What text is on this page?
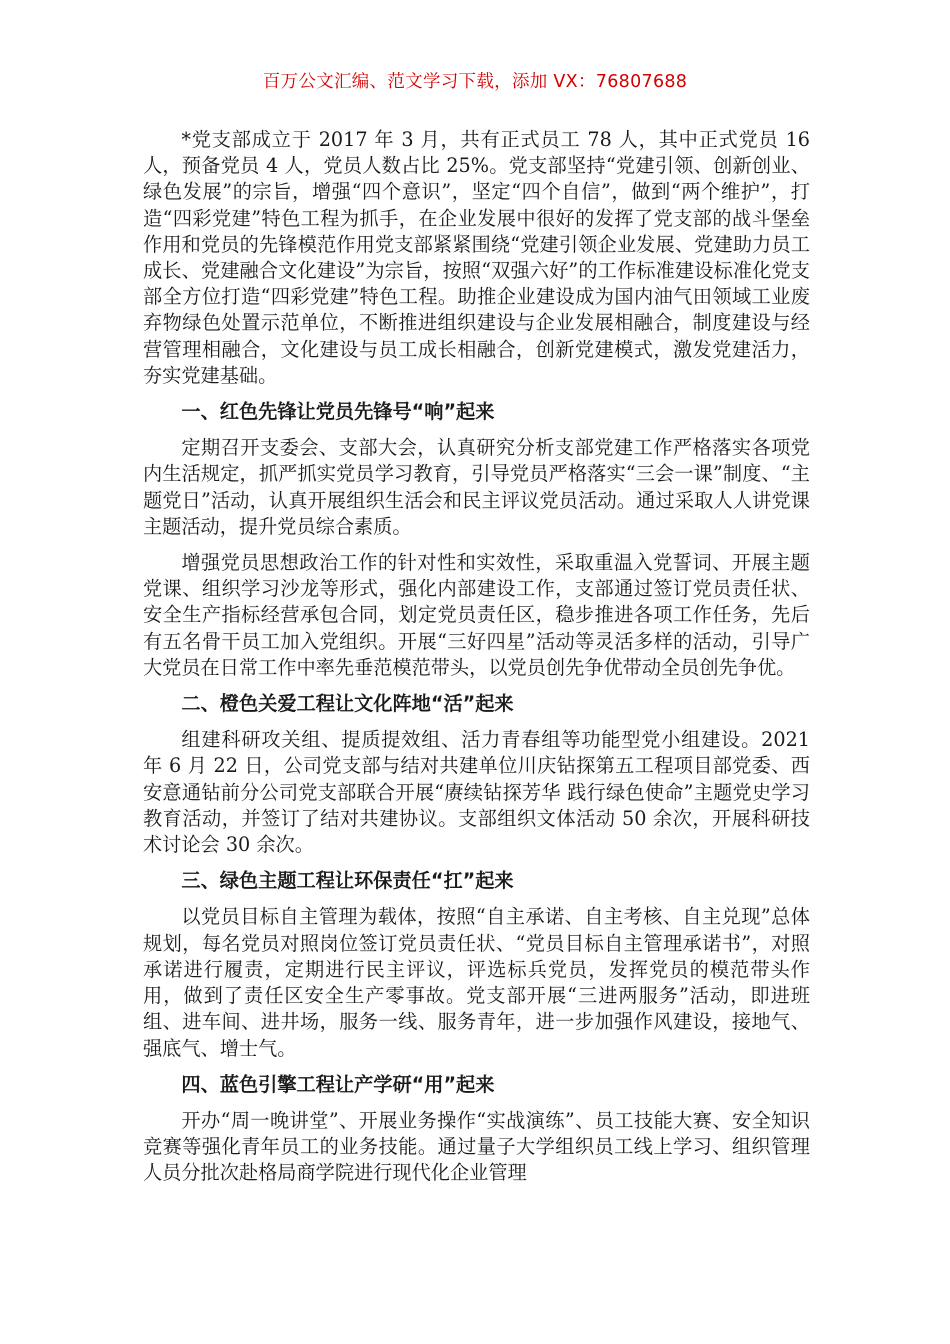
百万公文汇编、范文学习下载，添加 VX：76807688

*党支部成立于 2017 年 3 月，共有正式员工 78 人，其中正式党员 16 人，预备党员 4 人，党员人数占比 25%。党支部坚持“党建引领、创新创业、绿色发展”的宗旨，增强“四个意识”，坚定“四个自信”，做到“两个维护”，打造“四彩党建”特色工程为抓手，在企业发展中很好的发挥了党支部的战斗堡垒作用和党员的先锋模范作用党支部紧紧围绕“党建引领企业发展、党建助力员工成长、党建融合文化建设”为宗旨，按照“双强六好”的工作标准建设标准化党支部全方位打造“四彩党建”特色工程。助推企业建设成为国内油气田领域工业废弃物绿色处置示范单位，不断推进组织建设与企业发展相融合，制度建设与经营管理相融合，文化建设与员工成长相融合，创新党建模式，激发党建活力，夯实党建基础。

一、红色先锋让党员先锋号“响”起来

定期召开支委会、支部大会，认真研究分析支部党建工作严格落实各项党内生活规定，抓严抓实党员学习教育，引导党员严格落实“三会一课”制度、“主题党日”活动，认真开展组织生活会和民主评议党员活动。通过采取人人讲党课主题活动，提升党员综合素质。

增强党员思想政治工作的针对性和实效性，采取重温入党誓词、开展主题党课、组织学习沙龙等形式，强化内部建设工作，支部通过签订党员责任状、安全生产指标经营承包合同，划定党员责任区，稳步推进各项工作任务，先后有五名骨干员工加入党组织。开展“三好四星”活动等灵活多样的活动，引导广大党员在日常工作中率先垂范模范带头，以党员创先争优带动全员创先争优。

二、橙色关爱工程让文化阵地“活”起来

组建科研攻关组、提质提效组、活力青春组等功能型党小组建设。2021 年 6 月 22 日，公司党支部与结对共建单位川庆钻探第五工程项目部党委、西安意通钻前分公司党支部联合开展“赓续钻探芳华 践行绿色使命”主题党史学习教育活动，并签订了结对共建协议。支部组织文体活动 50 余次，开展科研技术讨论会 30 余次。

三、绿色主题工程让环保责任“扛”起来

以党员目标自主管理为载体，按照“自主承诺、自主考核、自主兑现”总体规划，每名党员对照岗位签订党员责任状、“党员目标自主管理承诺书”，对照承诺进行履责，定期进行民主评议，评选标兵党员，发挥党员的模范带头作用，做到了责任区安全生产零事故。党支部开展“三进两服务”活动，即进班组、进车间、进井场，服务一线、服务青年，进一步加强作风建设，接地气、强底气、增士气。

四、蓝色引擎工程让产学研“用”起来

开办“周一晚讲堂”、开展业务操作“实战演练”、员工技能大赛、安全知识竞赛等强化青年员工的业务技能。通过量子大学组织员工线上学习、组织管理人员分批次赴格局商学院进行现代化企业管理
